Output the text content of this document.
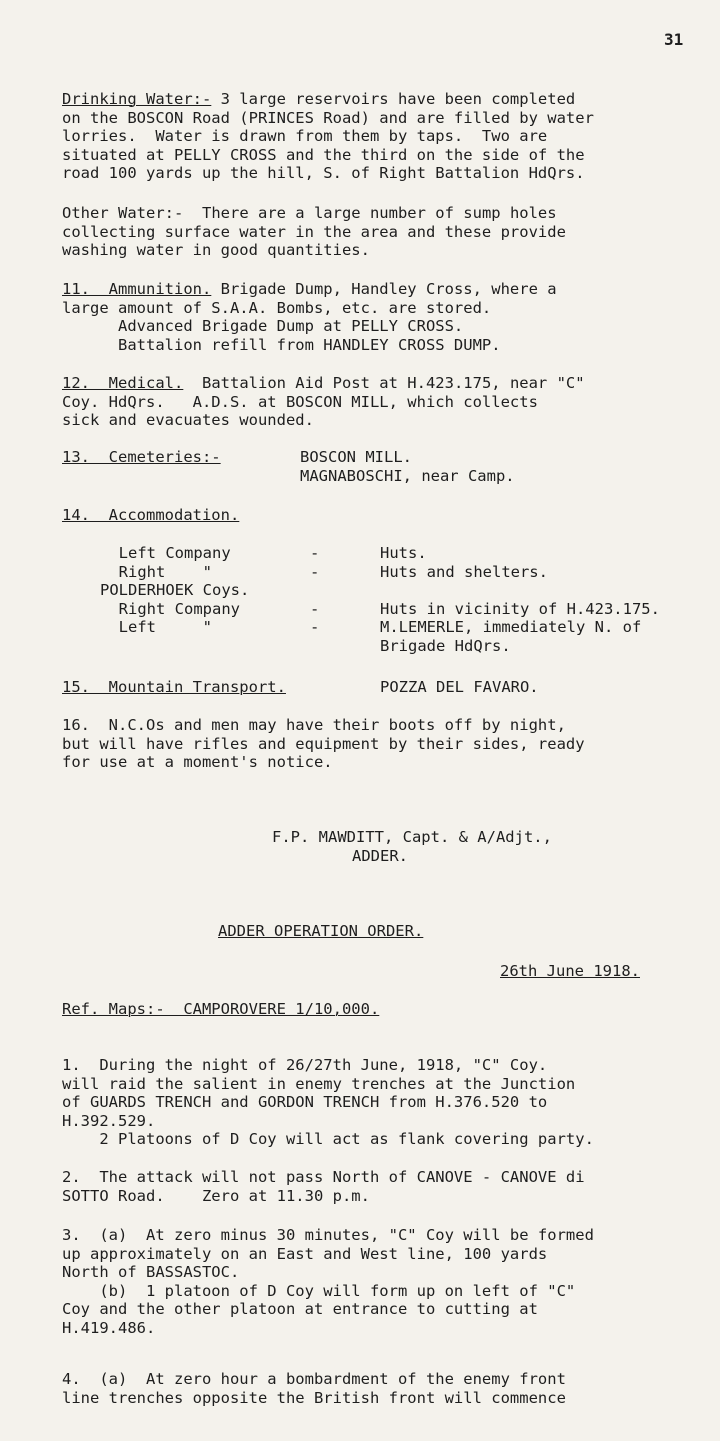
31

Drinking Water:- 3 large reservoirs have been completed
on the BOSCON Road (PRINCES Road) and are filled by water
lorries.  Water is drawn from them by taps.  Two are
situated at PELLY CROSS and the third on the side of the
road 100 yards up the hill, S. of Right Battalion HdQrs.

Other Water:-  There are a large number of sump holes
collecting surface water in the area and these provide
washing water in good quantities.

11.  Ammunition. Brigade Dump, Handley Cross, where a
large amount of S.A.A. Bombs, etc. are stored.
Advanced Brigade Dump at PELLY CROSS.
Battalion refill from HANDLEY CROSS DUMP.

12.  Medical.  Battalion Aid Post at H.423.175, near "C"
Coy. HdQrs.   A.D.S. at BOSCON MILL, which collects
sick and evacuates wounded.

13.  Cemeteries:-	BOSCON MILL.
MAGNABOSCHI, near Camp.
14.  Accommodation.
Left Company
Right    "
POLDERHOEK Coys.
Right Company
Left     "
-
-

-
-
Huts.
Huts and shelters.

Huts in vicinity of H.423.175.
M.LEMERLE, immediately N. of
Brigade HdQrs.
15.  Mountain Transport.	POZZA DEL FAVARO.

16.  N.C.Os and men may have their boots off by night,
but will have rifles and equipment by their sides, ready
for use at a moment's notice.

F.P. MAWDITT, Capt. & A/Adjt.,
ADDER.
ADDER OPERATION ORDER.
26th June 1918.
Ref. Maps:-  CAMPOROVERE 1/10,000.

1.  During the night of 26/27th June, 1918, "C" Coy.
will raid the salient in enemy trenches at the Junction
of GUARDS TRENCH and GORDON TRENCH from H.376.520 to
H.392.529.
2 Platoons of D Coy will act as flank covering party.

2.  The attack will not pass North of CANOVE - CANOVE di
SOTTO Road.    Zero at 11.30 p.m.

3.  (a)  At zero minus 30 minutes, "C" Coy will be formed
up approximately on an East and West line, 100 yards
North of BASSASTOC.
(b)  1 platoon of D Coy will form up on left of "C"
Coy and the other platoon at entrance to cutting at
H.419.486.

4.  (a)  At zero hour a bombardment of the enemy front
line trenches opposite the British front will commence
